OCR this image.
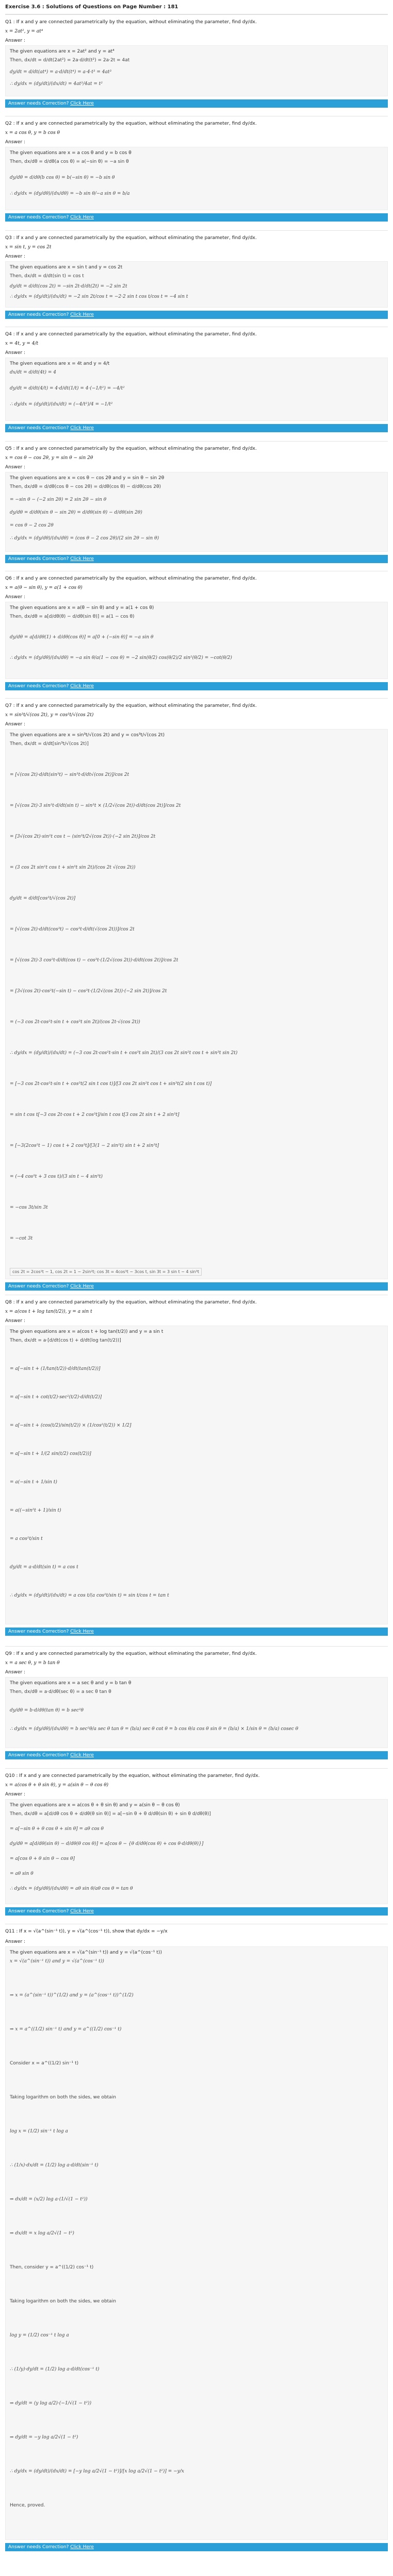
Exercise 3.6 : Solutions of Questions on Page Number : 181
Q1 : If x and y are connected parametrically by the equation, without eliminating the parameter, find dy/dx.
x = 2at², y = at⁴
Answer :
The given equations are x = 2at² and y = at⁴
Then, dx/dt = d/dt(2at²) = 2a·d/dt(t²) = 2a·2t = 4at
dy/dt = d/dt(at⁴) = a·d/dt(t⁴) = a·4·t³ = 4at³
∴ dy/dx = (dy/dt)/(dx/dt) = 4at³/4at = t²
Answer needs Correction? Click Here
Q2 : If x and y are connected parametrically by the equation, without eliminating the parameter, find dy/dx.
x = a cos θ, y = b cos θ
Answer :
The given equations are x = a cos θ and y = b cos θ
Then, dx/dθ = d/dθ(a cos θ) = a(−sin θ) = −a sin θ
dy/dθ = d/dθ(b cos θ) = b(−sin θ) = −b sin θ
∴ dy/dx = (dy/dθ)/(dx/dθ) = −b sin θ/−a sin θ = b/a
Answer needs Correction? Click Here
Q3 : If x and y are connected parametrically by the equation, without eliminating the parameter, find dy/dx.
x = sin t, y = cos 2t
Answer :
The given equations are x = sin t and y = cos 2t
Then, dx/dt = d/dt(sin t) = cos t
dy/dt = d/dt(cos 2t) = −sin 2t·d/dt(2t) = −2 sin 2t
∴ dy/dx = (dy/dt)/(dx/dt) = −2 sin 2t/cos t = −2·2 sin t cos t/cos t = −4 sin t
Answer needs Correction? Click Here
Q4 : If x and y are connected parametrically by the equation, without eliminating the parameter, find dy/dx.
x = 4t, y = 4/t
Answer :
The given equations are x = 4t and y = 4/t
dx/dt = d/dt(4t) = 4
dy/dt = d/dt(4/t) = 4·d/dt(1/t) = 4·(−1/t²) = −4/t²
∴ dy/dx = (dy/dt)/(dx/dt) = (−4/t²)/4 = −1/t²
Answer needs Correction? Click Here
Q5 : If x and y are connected parametrically by the equation, without eliminating the parameter, find dy/dx.
x = cos θ − cos 2θ, y = sin θ − sin 2θ
Answer :
The given equations are x = cos θ − cos 2θ and y = sin θ − sin 2θ
Then, dx/dθ = d/dθ(cos θ − cos 2θ) = d/dθ(cos θ) − d/dθ(cos 2θ)
= −sin θ − (−2 sin 2θ) = 2 sin 2θ − sin θ
dy/dθ = d/dθ(sin θ − sin 2θ) = d/dθ(sin θ) − d/dθ(sin 2θ)
= cos θ − 2 cos 2θ
∴ dy/dx = (dy/dθ)/(dx/dθ) = (cos θ − 2 cos 2θ)/(2 sin 2θ − sin θ)
Answer needs Correction? Click Here
Q6 : If x and y are connected parametrically by the equation, without eliminating the parameter, find dy/dx.
x = a(θ − sin θ), y = a(1 + cos θ)
Answer :
The given equations are x = a(θ − sin θ) and y = a(1 + cos θ)
Then, dx/dθ = a[d/dθ(θ) − d/dθ(sin θ)] = a(1 − cos θ)
dy/dθ = a[d/dθ(1) + d/dθ(cos θ)] = a[0 + (−sin θ)] = −a sin θ
∴ dy/dx = (dy/dθ)/(dx/dθ) = −a sin θ/a(1 − cos θ) = −2 sin(θ/2) cos(θ/2)/2 sin²(θ/2) = −cot(θ/2)
Answer needs Correction? Click Here
Q7 : If x and y are connected parametrically by the equation, without eliminating the parameter, find dy/dx.
x = sin³t/√(cos 2t), y = cos³t/√(cos 2t)
Answer :
The given equations are x = sin³t/√(cos 2t) and y = cos³t/√(cos 2t)
Then, dx/dt = d/dt[sin³t/√(cos 2t)]
= [√(cos 2t)·d/dt(sin³t) − sin³t·d/dt√(cos 2t)]/cos 2t
= [√(cos 2t)·3 sin²t·d/dt(sin t) − sin³t × (1/2√(cos 2t))·d/dt(cos 2t)]/cos 2t
= [3√(cos 2t)·sin²t cos t − (sin³t/2√(cos 2t))·(−2 sin 2t)]/cos 2t
= (3 cos 2t sin²t cos t + sin³t sin 2t)/(cos 2t √(cos 2t))
dy/dt = d/dt[cos³t/√(cos 2t)]
= [√(cos 2t)·d/dt(cos³t) − cos³t·d/dt(√(cos 2t))]/cos 2t
= [√(cos 2t)·3 cos²t·d/dt(cos t) − cos³t·(1/2√(cos 2t))·d/dt(cos 2t)]/cos 2t
= [3√(cos 2t)·cos²t(−sin t) − cos³t·(1/2√(cos 2t))·(−2 sin 2t)]/cos 2t
= (−3 cos 2t·cos²t·sin t + cos³t sin 2t)/(cos 2t·√(cos 2t))
∴ dy/dx = (dy/dt)/(dx/dt) = (−3 cos 2t·cos²t·sin t + cos³t sin 2t)/(3 cos 2t sin²t cos t + sin³t sin 2t)
= [−3 cos 2t·cos²t·sin t + cos³t(2 sin t cos t)]/[3 cos 2t sin²t cos t + sin³t(2 sin t cos t)]
= sin t cos t[−3 cos 2t·cos t + 2 cos³t]/sin t cos t[3 cos 2t sin t + 2 sin³t]
= [−3(2cos²t − 1) cos t + 2 cos³t]/[3(1 − 2 sin²t) sin t + 2 sin³t]
= (−4 cos³t + 3 cos t)/(3 sin t − 4 sin³t)
= −cos 3t/sin 3t
= −cot 3t
cos 2t = 2cos²t − 1, cos 2t = 1 − 2sin²t; cos 3t = 4cos³t − 3cos t, sin 3t = 3 sin t − 4 sin³t
Answer needs Correction? Click Here
Q8 : If x and y are connected parametrically by the equation, without eliminating the parameter, find dy/dx.
x = a(cos t + log tan(t/2)), y = a sin t
Answer :
The given equations are x = a(cos t + log tan(t/2)) and y = a sin t
Then, dx/dt = a·[d/dt(cos t) + d/dt(log tan(t/2))]
= a[−sin t + (1/tan(t/2))·d/dt(tan(t/2))]
= a[−sin t + cot(t/2)·sec²(t/2)·d/dt(t/2)]
= a[−sin t + (cos(t/2)/sin(t/2)) × (1/cos²(t/2)) × 1/2]
= a[−sin t + 1/(2 sin(t/2) cos(t/2))]
= a(−sin t + 1/sin t)
= a((−sin²t + 1)/sin t)
= a cos²t/sin t
dy/dt = a·d/dt(sin t) = a cos t
∴ dy/dx = (dy/dt)/(dx/dt) = a cos t/(a cos²t/sin t) = sin t/cos t = tan t
Answer needs Correction? Click Here
Q9 : If x and y are connected parametrically by the equation, without eliminating the parameter, find dy/dx.
x = a sec θ, y = b tan θ
Answer :
The given equations are x = a sec θ and y = b tan θ
Then, dx/dθ = a·d/dθ(sec θ) = a sec θ tan θ
dy/dθ = b·d/dθ(tan θ) = b sec²θ
∴ dy/dx = (dy/dθ)/(dx/dθ) = b sec²θ/a sec θ tan θ = (b/a) sec θ cot θ = b cos θ/a cos θ sin θ = (b/a) × 1/sin θ = (b/a) cosec θ
Answer needs Correction? Click Here
Q10 : If x and y are connected parametrically by the equation, without eliminating the parameter, find dy/dx.
x = a(cos θ + θ sin θ), y = a(sin θ − θ cos θ)
Answer :
The given equations are x = a(cos θ + θ sin θ) and y = a(sin θ − θ cos θ)
Then, dx/dθ = a[d/dθ cos θ + d/dθ(θ sin θ)] = a[−sin θ + θ d/dθ(sin θ) + sin θ d/dθ(θ)]
= a[−sin θ + θ cos θ + sin θ] = aθ cos θ
dy/dθ = a[d/dθ(sin θ) − d/dθ(θ cos θ)] = a[cos θ − {θ d/dθ(cos θ) + cos θ·d/dθ(θ)}]
= a[cos θ + θ sin θ − cos θ]
= aθ sin θ
∴ dy/dx = (dy/dθ)/(dx/dθ) = aθ sin θ/aθ cos θ = tan θ
Answer needs Correction? Click Here
Q11 : If x = √(a^(sin⁻¹ t)), y = √(a^(cos⁻¹ t)), show that dy/dx = −y/x
Answer :
The given equations are x = √(a^(sin⁻¹ t)) and y = √(a^(cos⁻¹ t))
x = √(a^(sin⁻¹ t)) and y = √(a^(cos⁻¹ t))
⇒ x = (a^(sin⁻¹ t))^(1/2) and y = (a^(cos⁻¹ t))^(1/2)
⇒ x = a^((1/2) sin⁻¹ t) and y = a^((1/2) cos⁻¹ t)
Consider x = a^((1/2) sin⁻¹ t)
Taking logarithm on both the sides, we obtain
log x = (1/2) sin⁻¹ t log a
∴ (1/x)·dx/dt = (1/2) log a·d/dt(sin⁻¹ t)
⇒ dx/dt = (x/2) log a·(1/√(1 − t²))
⇒ dx/dt = x log a/2√(1 − t²)
Then, consider y = a^((1/2) cos⁻¹ t)
Taking logarithm on both the sides, we obtain
log y = (1/2) cos⁻¹ t log a
∴ (1/y)·dy/dt = (1/2) log a·d/dt(cos⁻¹ t)
⇒ dy/dt = (y log a/2)·(−1/√(1 − t²))
⇒ dy/dt = −y log a/2√(1 − t²)
∴ dy/dx = (dy/dt)/(dx/dt) = [−y log a/2√(1 − t²)]/[x log a/2√(1 − t²)] = −y/x
Hence, proved.
Answer needs Correction? Click Here
